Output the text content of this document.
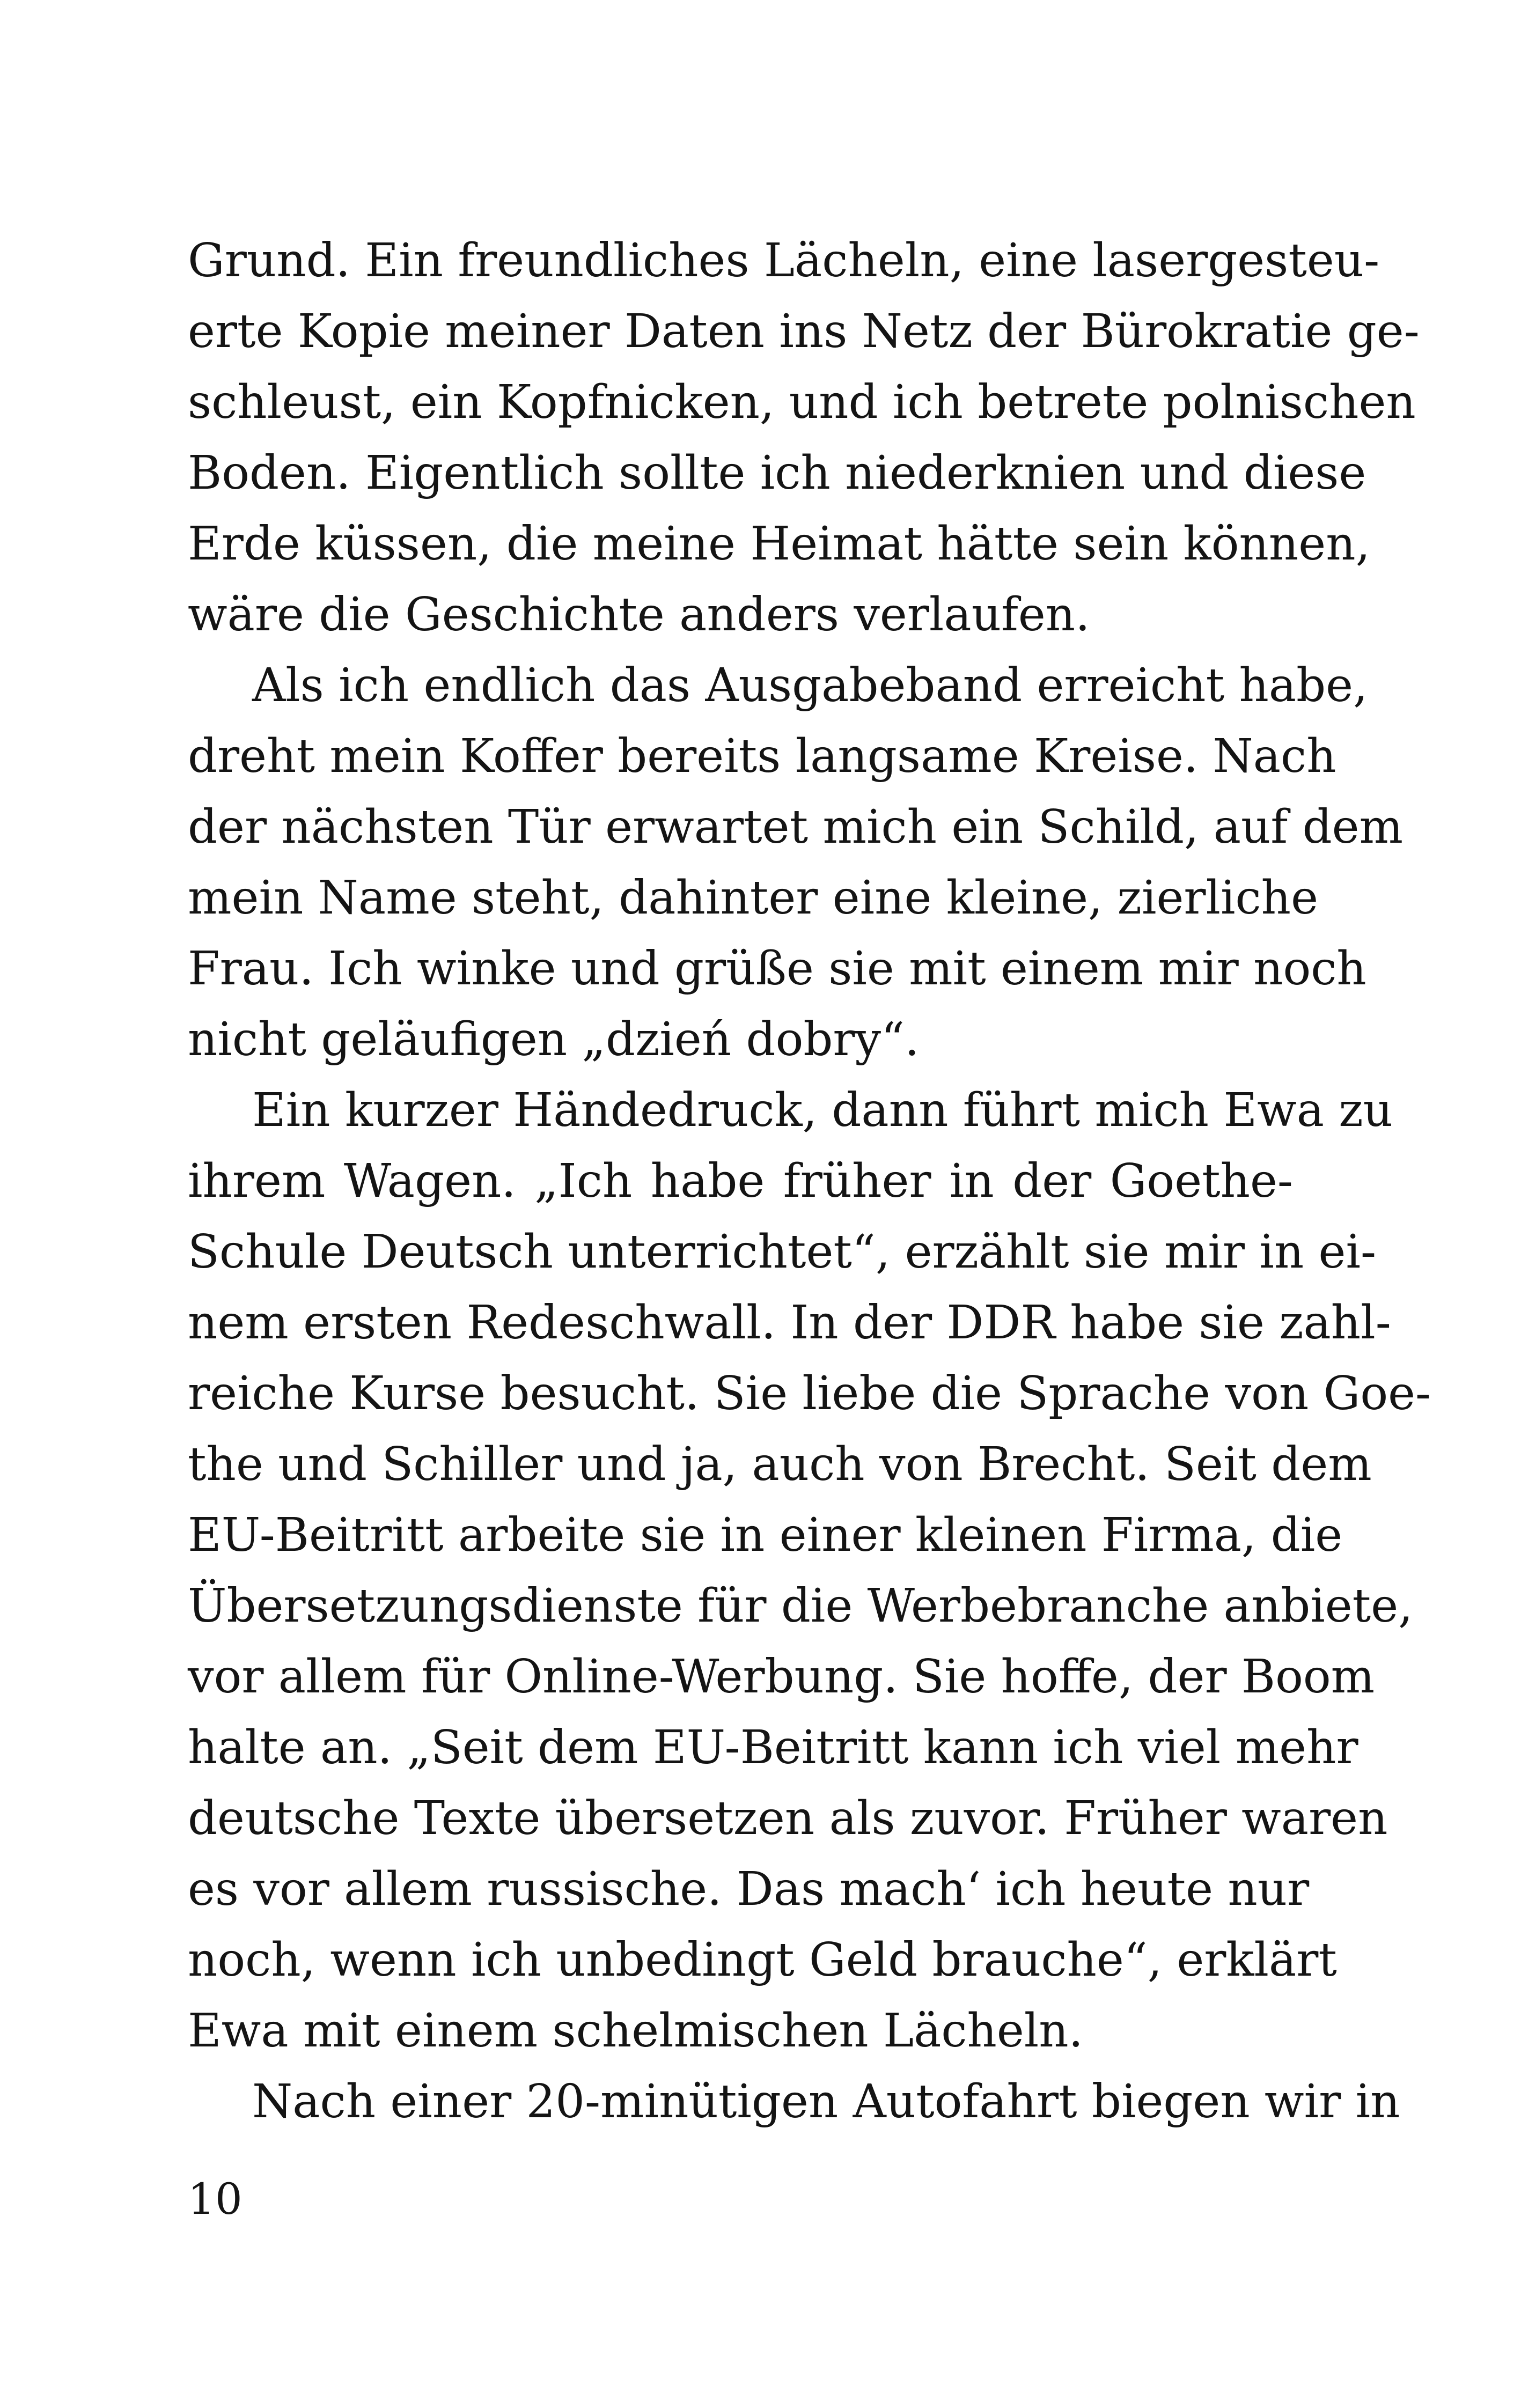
Grund. Ein freundliches Lächeln, eine lasergesteu-
erte Kopie meiner Daten ins Netz der Bürokratie ge-
schleust, ein Kopfnicken, und ich betrete polnischen
Boden. Eigentlich sollte ich niederknien und diese
Erde küssen, die meine Heimat hätte sein können,
wäre die Geschichte anders verlaufen.
Als ich endlich das Ausgabeband erreicht habe,
dreht mein Koffer bereits langsame Kreise. Nach
der nächsten Tür erwartet mich ein Schild, auf dem
mein Name steht, dahinter eine kleine, zierliche
Frau. Ich winke und grüße sie mit einem mir noch
nicht geläufigen „dzień dobry“.
Ein kurzer Händedruck, dann führt mich Ewa zu
ihrem Wagen. „Ich habe früher in der Goethe-
Schule Deutsch unterrichtet“, erzählt sie mir in ei-
nem ersten Redeschwall. In der DDR habe sie zahl-
reiche Kurse besucht. Sie liebe die Sprache von Goe-
the und Schiller und ja, auch von Brecht. Seit dem
EU-Beitritt arbeite sie in einer kleinen Firma, die
Übersetzungsdienste für die Werbebranche anbiete,
vor allem für Online-Werbung. Sie hoffe, der Boom
halte an. „Seit dem EU-Beitritt kann ich viel mehr
deutsche Texte übersetzen als zuvor. Früher waren
es vor allem russische. Das mach‘ ich heute nur
noch, wenn ich unbedingt Geld brauche“, erklärt
Ewa mit einem schelmischen Lächeln.
Nach einer 20-minütigen Autofahrt biegen wir in
10
